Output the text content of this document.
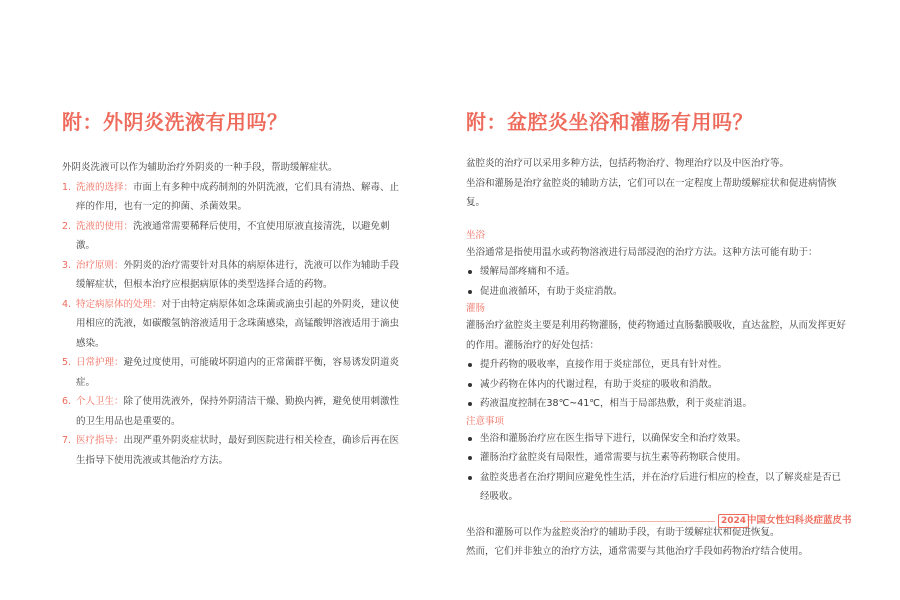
附：外阴炎洗液有用吗？
外阴炎洗液可以作为辅助治疗外阴炎的一种手段，帮助缓解症状。
1. 洗液的选择：市面上有多种中成药制剂的外阴洗液，它们具有清热、解毒、止痒的作用，也有一定的抑菌、杀菌效果。
2. 洗液的使用：洗液通常需要稀释后使用，不宜使用原液直接清洗，以避免刺激。
3. 治疗原则：外阴炎的治疗需要针对具体的病原体进行，洗液可以作为辅助手段缓解症状，但根本治疗应根据病原体的类型选择合适的药物。
4. 特定病原体的处理：对于由特定病原体如念珠菌或滴虫引起的外阴炎，建议使用相应的洗液，如碳酸氢钠溶液适用于念珠菌感染，高锰酸钾溶液适用于滴虫感染。
5. 日常护理：避免过度使用，可能破坏阴道内的正常菌群平衡，容易诱发阴道炎症。
6. 个人卫生：除了使用洗液外，保持外阴清洁干燥、勤换内裤，避免使用刺激性的卫生用品也是重要的。
7. 医疗指导：出现严重外阴炎症状时，最好到医院进行相关检查，确诊后再在医生指导下使用洗液或其他治疗方法。
附：盆腔炎坐浴和灌肠有用吗？
盆腔炎的治疗可以采用多种方法，包括药物治疗、物理治疗以及中医治疗等。
坐浴和灌肠是治疗盆腔炎的辅助方法，它们可以在一定程度上帮助缓解症状和促进病情恢复。
坐浴
坐浴通常是指使用温水或药物溶液进行局部浸泡的治疗方法。这种方法可能有助于：
缓解局部疼痛和不适。
促进血液循环，有助于炎症消散。
灌肠
灌肠治疗盆腔炎主要是利用药物灌肠，使药物通过直肠黏膜吸收，直达盆腔，从而发挥更好的作用。灌肠治疗的好处包括：
提升药物的吸收率，直接作用于炎症部位，更具有针对性。
减少药物在体内的代谢过程，有助于炎症的吸收和消散。
药液温度控制在38℃~41℃，相当于局部热敷，利于炎症消退。
注意事项
坐浴和灌肠治疗应在医生指导下进行，以确保安全和治疗效果。
灌肠治疗盆腔炎有局限性，通常需要与抗生素等药物联合使用。
盆腔炎患者在治疗期间应避免性生活，并在治疗后进行相应的检查，以了解炎症是否已经吸收。
坐浴和灌肠可以作为盆腔炎治疗的辅助手段，有助于缓解症状和促进恢复。
然而，它们并非独立的治疗方法，通常需要与其他治疗手段如药物治疗结合使用。
2024 中国女性妇科炎症蓝皮书
